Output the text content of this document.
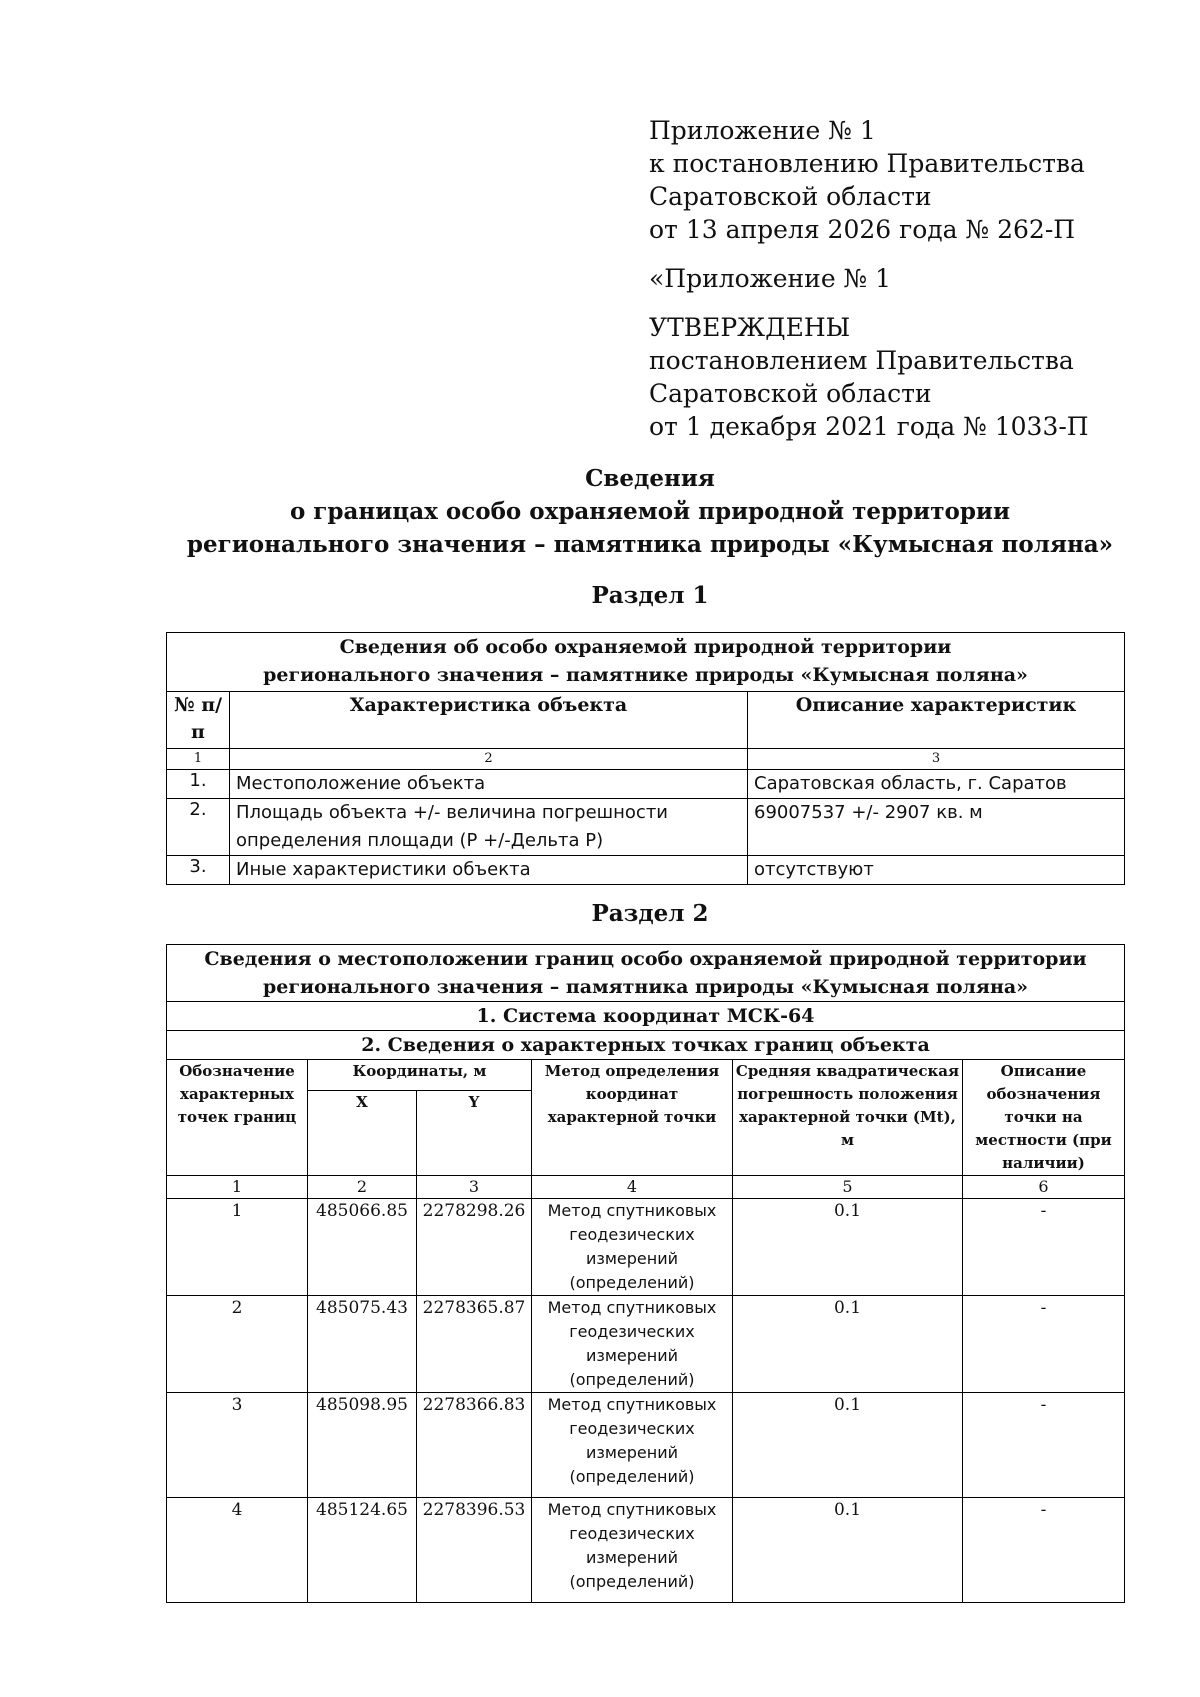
Приложение № 1
к постановлению Правительства
Саратовской области
от 13 апреля 2026 года № 262-П
«Приложение № 1
УТВЕРЖДЕНЫ
постановлением Правительства
Саратовской области
от 1 декабря 2021 года № 1033-П
Сведения
о границах особо охраняемой природной территории
регионального значения – памятника природы «Кумысная поляна»
Раздел 1
Сведения об особо охраняемой природной территории
регионального значения – памятнике природы «Кумысная поляна»		

№ п/п	Характеристика объекта	Описание характеристик
1	2	3
1.	Местоположение объекта	Саратовская область, г. Саратов
2.	Площадь объекта +/- величина погрешности определения площади (Р +/-Дельта Р)	69007537 +/- 2907 кв. м
3.	Иные характеристики объекта	отсутствуют
Раздел 2
Сведения о местоположении границ особо охраняемой природной территории
регионального значения – памятника природы «Кумысная поляна»					

1. Система координат МСК-64					
2. Сведения о характерных точках границ объекта					
Обозначение характерных точек границ	Координаты, м		Метод определения координат характерной точки	Средняя квадратическая погрешность положения характерной точки (Mt), м	Описание обозначения точки на местности (при наличии)
	X	Y			
1	2	3	4	5	6
1	485066.85	2278298.26	Метод спутниковых геодезических измерений (определений)	0.1	-
2	485075.43	2278365.87	Метод спутниковых геодезических измерений (определений)	0.1	-
3	485098.95	2278366.83	Метод спутниковых геодезических измерений (определений)	0.1	-
4	485124.65	2278396.53	Метод спутниковых геодезических измерений (определений)	0.1	-
